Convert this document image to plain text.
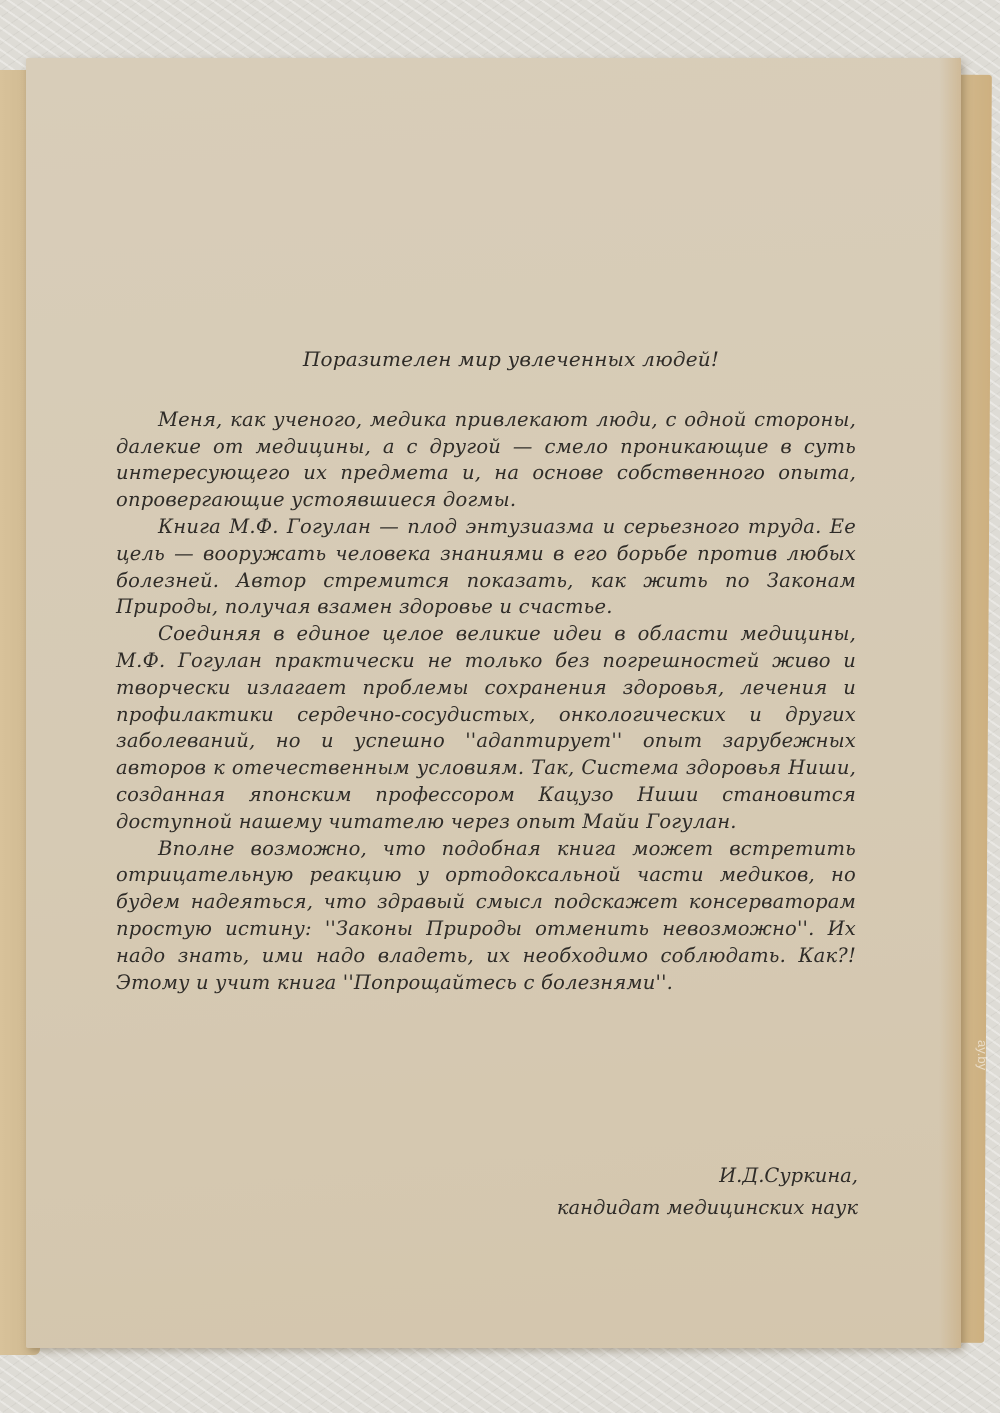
Поразителен мир увлеченных людей!

Меня, как ученого, медика привлекают люди, с одной стороны, далекие от медицины, а с другой — смело проникающие в суть интересующего их предмета и, на основе собственного опыта, опровергающие устоявшиеся догмы.

Книга М.Ф. Гогулан — плод энтузиазма и серьезного труда. Ее цель — вооружать человека знаниями в его борьбе против любых болезней. Автор стремится показать, как жить по Законам Природы, получая взамен здоровье и счастье.

Соединяя в единое целое великие идеи в области медицины, М.Ф. Гогулан практически не только без погрешностей живо и творчески излагает проблемы сохранения здоровья, лечения и профилактики сердечно-сосудистых, онкологических и других заболеваний, но и успешно ''адаптирует'' опыт зарубежных авторов к отечественным условиям. Так, Система здоровья Ниши, созданная японским профессором Кацузо Ниши становится доступной нашему читателю через опыт Майи Гогулан.

Вполне возможно, что подобная книга может встретить отрицательную реакцию у ортодоксальной части медиков, но будем надеяться, что здравый смысл подскажет консерваторам простую истину: ''Законы Природы отменить невозможно''. Их надо знать, ими надо владеть, их необходимо соблюдать. Как?! Этому и учит книга ''Попрощайтесь с болезнями''.

И.Д.Суркина,
кандидат медицинских наук
ay.by
